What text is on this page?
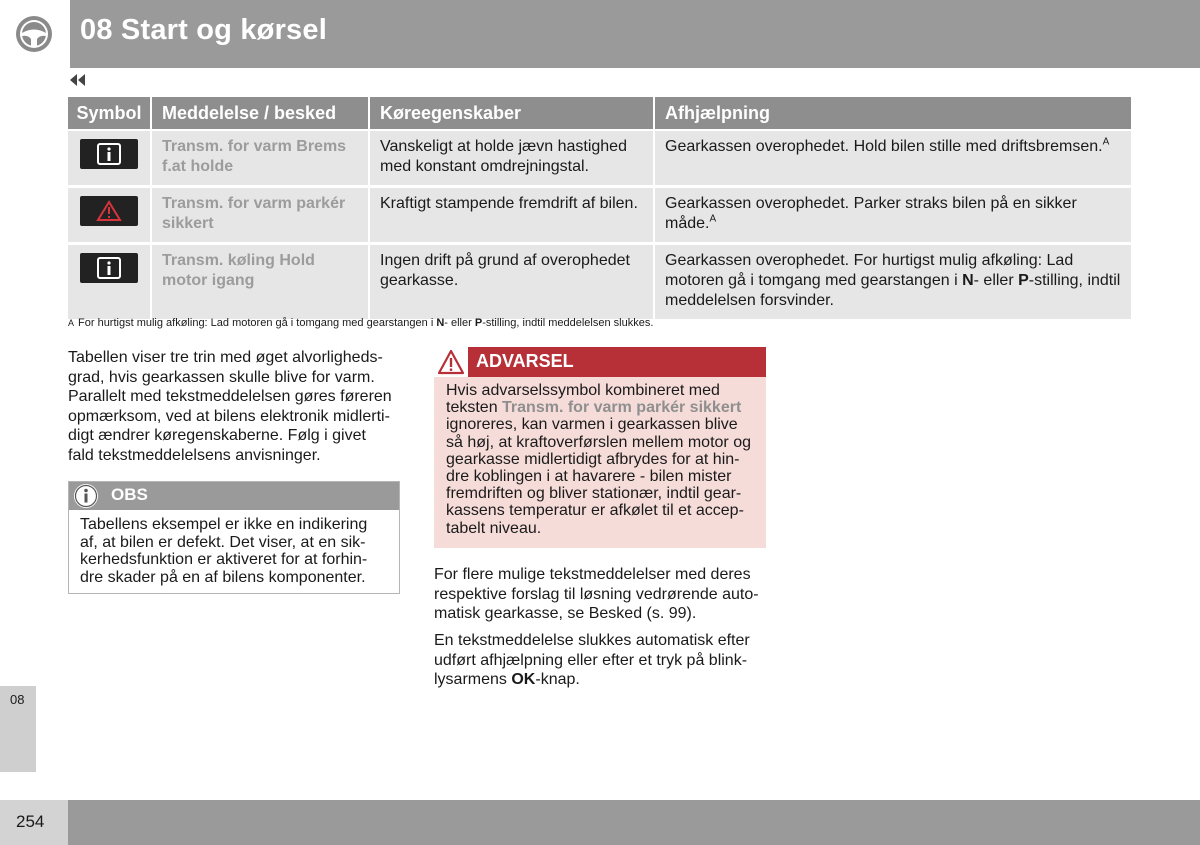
08 Start og kørsel
Symbol	Meddelelse / besked	Køreegenskaber	Afhjælpning

	Transm. for varm Brems f.at holde	Vanskeligt at holde jævn hastighed med konstant omdrejningstal.	Gearkassen overophedet. Hold bilen stille med driftsbremsen.$^A$

	Transm. for varm parkér sikkert	Kraftigt stampende fremdrift af bilen.	Gearkassen overophedet. Parker straks bilen på en sikker måde.$^A$

	Transm. køling Hold motor igang	Ingen drift på grund af overophedet gearkasse.	Gearkassen overophedet. For hurtigst mulig afkøling: Lad motoren gå i tomgang med gearstangen i N- eller P-stilling, indtil meddelelsen forsvinder.
A For hurtigst mulig afkøling: Lad motoren gå i tomgang med gearstangen i N- eller P-stilling, indtil meddelelsen slukkes.
Tabellen viser tre trin med øget alvorligheds-
grad, hvis gearkassen skulle blive for varm.
Parallelt med tekstmeddelelsen gøres føreren
opmærksom, ved at bilens elektronik midlerti-
digt ændrer køregenskaberne. Følg i givet
fald tekstmeddelelsens anvisninger.
OBS
Tabellens eksempel er ikke en indikering
af, at bilen er defekt. Det viser, at en sik-
kerhedsfunktion er aktiveret for at forhin-
dre skader på en af bilens komponenter.
ADVARSEL
Hvis advarselssymbol kombineret med
teksten Transm. for varm parkér sikkert
ignoreres, kan varmen i gearkassen blive
så høj, at kraftoverførslen mellem motor og
gearkasse midlertidigt afbrydes for at hin-
dre koblingen i at havarere - bilen mister
fremdriften og bliver stationær, indtil gear-
kassens temperatur er afkølet til et accep-
tabelt niveau.
For flere mulige tekstmeddelelser med deres
respektive forslag til løsning vedrørende auto-
matisk gearkasse, se Besked (s. 99).
En tekstmeddelelse slukkes automatisk efter
udført afhjælpning eller efter et tryk på blink-
lysarmens OK-knap.
08
254
